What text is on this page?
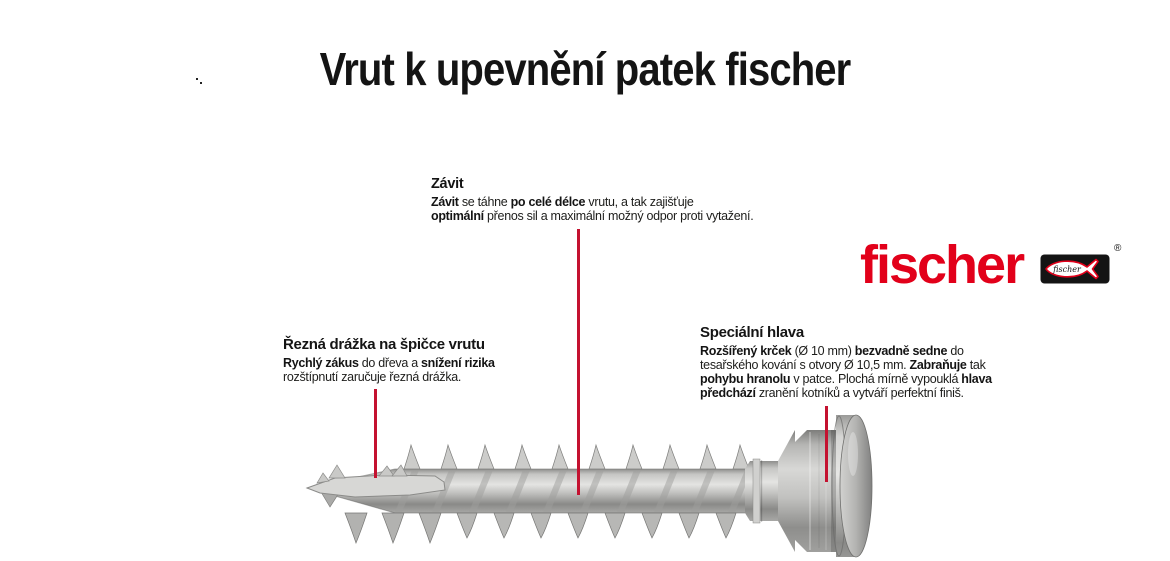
Vrut k upevnění patek fischer
Závit
Závit se táhne po celé délce vrutu, a tak zajišťuje
optimální přenos sil a maximální možný odpor proti vytažení.
Řezná drážka na špičce vrutu
Rychlý zákus do dřeva a snížení rizika
rozštípnutí zaručuje řezná drážka.
Speciální hlava
Rozšířený krček (Ø 10 mm) bezvadně sedne do
tesařského kování s otvory Ø 10,5 mm. Zabraňuje tak
pohybu hranolu v patce. Plochá mírně vypouklá hlava
předchází zranění kotníků a vytváří perfektní finiš.
fischer	fischer
®
